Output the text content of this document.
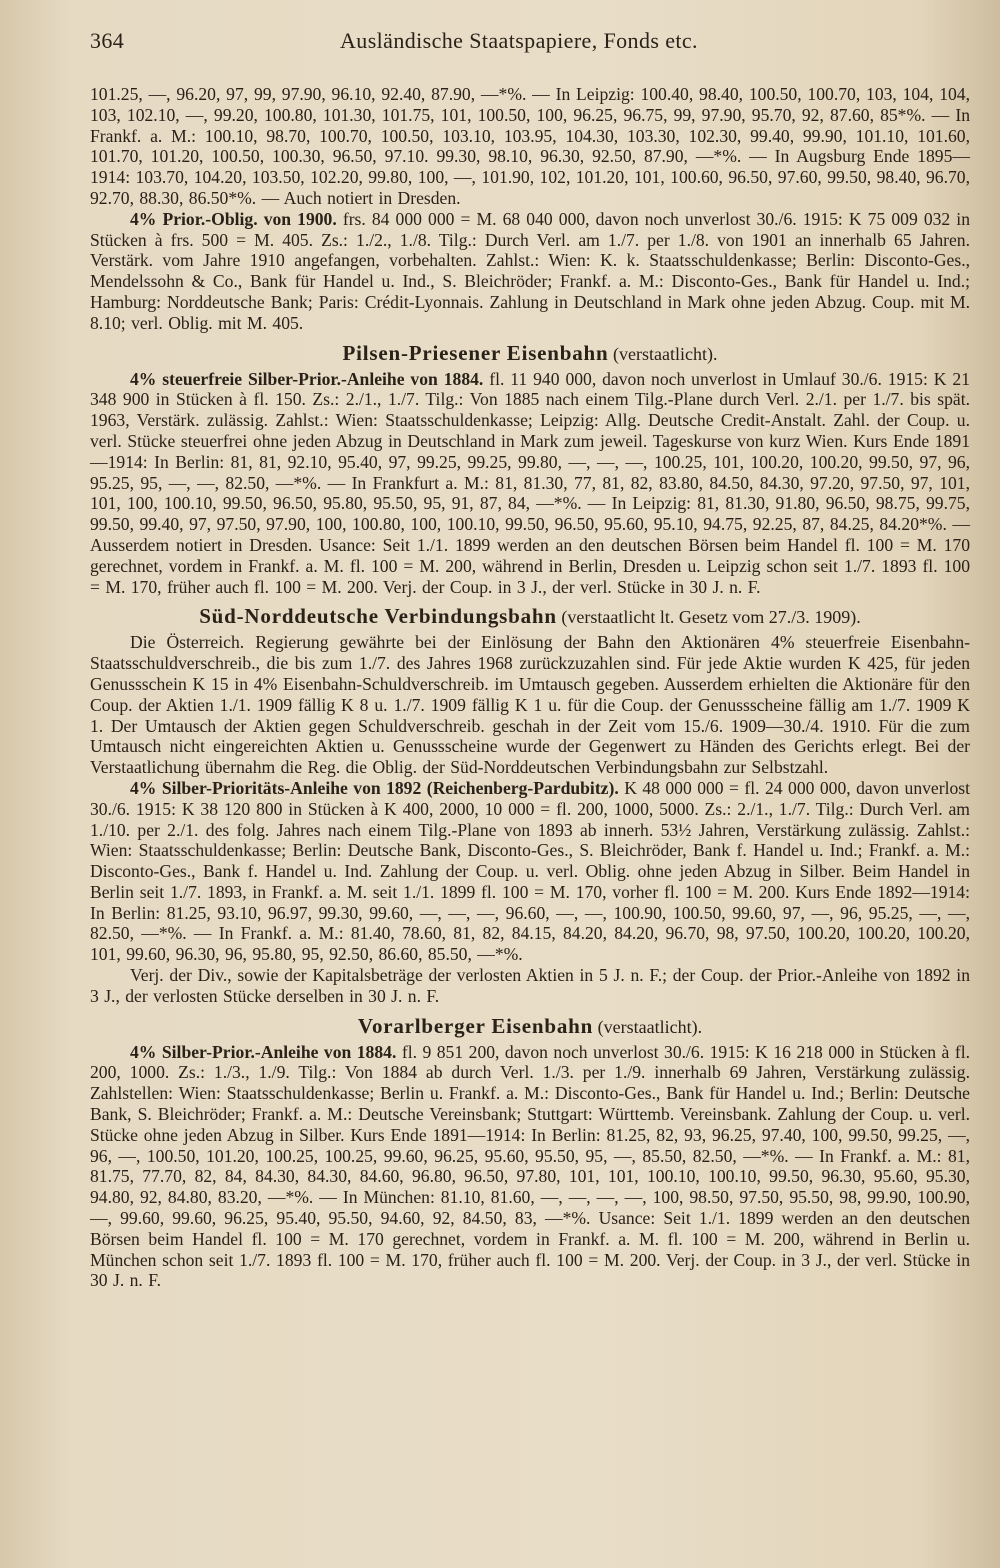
364	Ausländische Staatspapiere, Fonds etc.

101.25, —, 96.20, 97, 99, 97.90, 96.10, 92.40, 87.90, —*%. — In Leipzig: 100.40, 98.40, 100.50, 100.70, 103, 104, 104, 103, 102.10, —, 99.20, 100.80, 101.30, 101.75, 101, 100.50, 100, 96.25, 96.75, 99, 97.90, 95.70, 92, 87.60, 85*%. — In Frankf. a. M.: 100.10, 98.70, 100.70, 100.50, 103.10, 103.95, 104.30, 103.30, 102.30, 99.40, 99.90, 101.10, 101.60, 101.70, 101.20, 100.50, 100.30, 96.50, 97.10. 99.30, 98.10, 96.30, 92.50, 87.90, —*%. — In Augsburg Ende 1895—1914: 103.70, 104.20, 103.50, 102.20, 99.80, 100, —, 101.90, 102, 101.20, 101, 100.60, 96.50, 97.60, 99.50, 98.40, 96.70, 92.70, 88.30, 86.50*%. — Auch notiert in Dresden.

4% Prior.-Oblig. von 1900. frs. 84 000 000 = M. 68 040 000, davon noch unverlost 30./6. 1915: K 75 009 032 in Stücken à frs. 500 = M. 405. Zs.: 1./2., 1./8. Tilg.: Durch Verl. am 1./7. per 1./8. von 1901 an innerhalb 65 Jahren. Verstärk. vom Jahre 1910 angefangen, vorbehalten. Zahlst.: Wien: K. k. Staatsschuldenkasse; Berlin: Disconto-Ges., Mendelssohn & Co., Bank für Handel u. Ind., S. Bleichröder; Frankf. a. M.: Disconto-Ges., Bank für Handel u. Ind.; Hamburg: Norddeutsche Bank; Paris: Crédit-Lyonnais. Zahlung in Deutschland in Mark ohne jeden Abzug. Coup. mit M. 8.10; verl. Oblig. mit M. 405.

Pilsen-Priesener Eisenbahn (verstaatlicht).

4% steuerfreie Silber-Prior.-Anleihe von 1884. fl. 11 940 000, davon noch unverlost in Umlauf 30./6. 1915: K 21 348 900 in Stücken à fl. 150. Zs.: 2./1., 1./7. Tilg.: Von 1885 nach einem Tilg.-Plane durch Verl. 2./1. per 1./7. bis spät. 1963, Verstärk. zulässig. Zahlst.: Wien: Staatsschuldenkasse; Leipzig: Allg. Deutsche Credit-Anstalt. Zahl. der Coup. u. verl. Stücke steuerfrei ohne jeden Abzug in Deutschland in Mark zum jeweil. Tageskurse von kurz Wien. Kurs Ende 1891—1914: In Berlin: 81, 81, 92.10, 95.40, 97, 99.25, 99.25, 99.80, —, —, —, 100.25, 101, 100.20, 100.20, 99.50, 97, 96, 95.25, 95, —, —, 82.50, —*%. — In Frankfurt a. M.: 81, 81.30, 77, 81, 82, 83.80, 84.50, 84.30, 97.20, 97.50, 97, 101, 101, 100, 100.10, 99.50, 96.50, 95.80, 95.50, 95, 91, 87, 84, —*%. — In Leipzig: 81, 81.30, 91.80, 96.50, 98.75, 99.75, 99.50, 99.40, 97, 97.50, 97.90, 100, 100.80, 100, 100.10, 99.50, 96.50, 95.60, 95.10, 94.75, 92.25, 87, 84.25, 84.20*%. — Ausserdem notiert in Dresden. Usance: Seit 1./1. 1899 werden an den deutschen Börsen beim Handel fl. 100 = M. 170 gerechnet, vordem in Frankf. a. M. fl. 100 = M. 200, während in Berlin, Dresden u. Leipzig schon seit 1./7. 1893 fl. 100 = M. 170, früher auch fl. 100 = M. 200. Verj. der Coup. in 3 J., der verl. Stücke in 30 J. n. F.

Süd-Norddeutsche Verbindungsbahn (verstaatlicht lt. Gesetz vom 27./3. 1909).

Die Österreich. Regierung gewährte bei der Einlösung der Bahn den Aktionären 4% steuerfreie Eisenbahn-Staatsschuldverschreib., die bis zum 1./7. des Jahres 1968 zurückzuzahlen sind. Für jede Aktie wurden K 425, für jeden Genussschein K 15 in 4% Eisenbahn-Schuldverschreib. im Umtausch gegeben. Ausserdem erhielten die Aktionäre für den Coup. der Aktien 1./1. 1909 fällig K 8 u. 1./7. 1909 fällig K 1 u. für die Coup. der Genussscheine fällig am 1./7. 1909 K 1. Der Umtausch der Aktien gegen Schuldverschreib. geschah in der Zeit vom 15./6. 1909—30./4. 1910. Für die zum Umtausch nicht eingereichten Aktien u. Genussscheine wurde der Gegenwert zu Händen des Gerichts erlegt. Bei der Verstaatlichung übernahm die Reg. die Oblig. der Süd-Norddeutschen Verbindungsbahn zur Selbstzahl.

4% Silber-Prioritäts-Anleihe von 1892 (Reichenberg-Pardubitz). K 48 000 000 = fl. 24 000 000, davon unverlost 30./6. 1915: K 38 120 800 in Stücken à K 400, 2000, 10 000 = fl. 200, 1000, 5000. Zs.: 2./1., 1./7. Tilg.: Durch Verl. am 1./10. per 2./1. des folg. Jahres nach einem Tilg.-Plane von 1893 ab innerh. 53½ Jahren, Verstärkung zulässig. Zahlst.: Wien: Staatsschuldenkasse; Berlin: Deutsche Bank, Disconto-Ges., S. Bleichröder, Bank f. Handel u. Ind.; Frankf. a. M.: Disconto-Ges., Bank f. Handel u. Ind. Zahlung der Coup. u. verl. Oblig. ohne jeden Abzug in Silber. Beim Handel in Berlin seit 1./7. 1893, in Frankf. a. M. seit 1./1. 1899 fl. 100 = M. 170, vorher fl. 100 = M. 200. Kurs Ende 1892—1914: In Berlin: 81.25, 93.10, 96.97, 99.30, 99.60, —, —, —, 96.60, —, —, 100.90, 100.50, 99.60, 97, —, 96, 95.25, —, —, 82.50, —*%. — In Frankf. a. M.: 81.40, 78.60, 81, 82, 84.15, 84.20, 84.20, 96.70, 98, 97.50, 100.20, 100.20, 100.20, 101, 99.60, 96.30, 96, 95.80, 95, 92.50, 86.60, 85.50, —*%.

Verj. der Div., sowie der Kapitalsbeträge der verlosten Aktien in 5 J. n. F.; der Coup. der Prior.-Anleihe von 1892 in 3 J., der verlosten Stücke derselben in 30 J. n. F.

Vorarlberger Eisenbahn (verstaatlicht).

4% Silber-Prior.-Anleihe von 1884. fl. 9 851 200, davon noch unverlost 30./6. 1915: K 16 218 000 in Stücken à fl. 200, 1000. Zs.: 1./3., 1./9. Tilg.: Von 1884 ab durch Verl. 1./3. per 1./9. innerhalb 69 Jahren, Verstärkung zulässig. Zahlstellen: Wien: Staatsschuldenkasse; Berlin u. Frankf. a. M.: Disconto-Ges., Bank für Handel u. Ind.; Berlin: Deutsche Bank, S. Bleichröder; Frankf. a. M.: Deutsche Vereinsbank; Stuttgart: Württemb. Vereinsbank. Zahlung der Coup. u. verl. Stücke ohne jeden Abzug in Silber. Kurs Ende 1891—1914: In Berlin: 81.25, 82, 93, 96.25, 97.40, 100, 99.50, 99.25, —, 96, —, 100.50, 101.20, 100.25, 100.25, 99.60, 96.25, 95.60, 95.50, 95, —, 85.50, 82.50, —*%. — In Frankf. a. M.: 81, 81.75, 77.70, 82, 84, 84.30, 84.30, 84.60, 96.80, 96.50, 97.80, 101, 101, 100.10, 100.10, 99.50, 96.30, 95.60, 95.30, 94.80, 92, 84.80, 83.20, —*%. — In München: 81.10, 81.60, —, —, —, —, 100, 98.50, 97.50, 95.50, 98, 99.90, 100.90, —, 99.60, 99.60, 96.25, 95.40, 95.50, 94.60, 92, 84.50, 83, —*%. Usance: Seit 1./1. 1899 werden an den deutschen Börsen beim Handel fl. 100 = M. 170 gerechnet, vordem in Frankf. a. M. fl. 100 = M. 200, während in Berlin u. München schon seit 1./7. 1893 fl. 100 = M. 170, früher auch fl. 100 = M. 200. Verj. der Coup. in 3 J., der verl. Stücke in 30 J. n. F.
